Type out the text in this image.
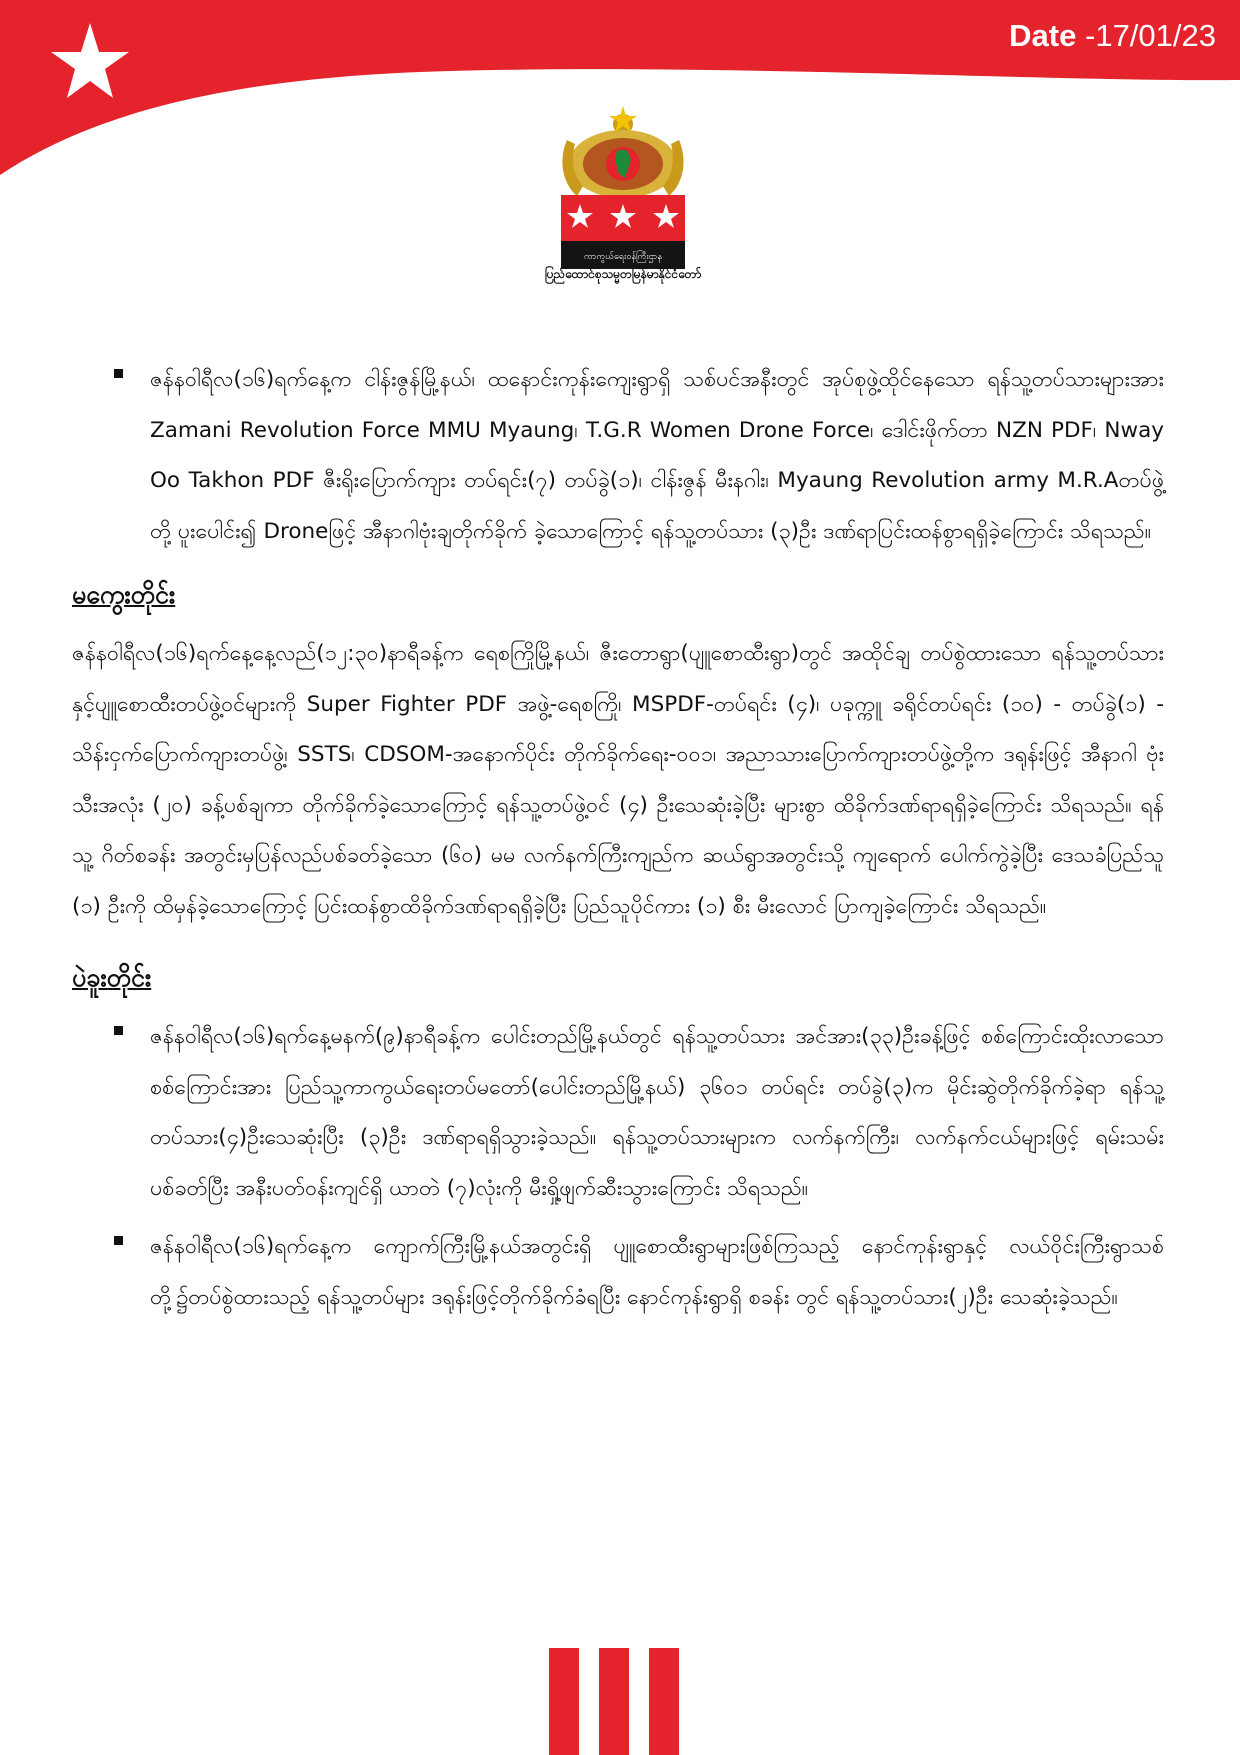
Date -17/01/23
ကာကွယ်ရေးဝန်ကြီးဌာန
ပြည်ထောင်စုသမ္မတမြန်မာနိုင်ငံတော်

ဇန်နဝါရီလ(၁၆)ရက်နေ့က ငါန်းဇွန်မြို့နယ်၊ ထနောင်းကုန်းကျေးရွာရှိ သစ်ပင်အနီးတွင် အုပ်စုဖွဲ့ထိုင်နေသော ရန်သူ့တပ်သားများအား Zamani Revolution Force MMU Myaung၊ T.G.R Women Drone Force၊ ဒေါင်းဖိုက်တာ NZN PDF၊ Nway Oo Takhon PDF ဇီးရိုးပြောက်ကျား တပ်ရင်း(၇) တပ်ခွဲ(၁)၊ ငါန်းဇွန် မီးနဂါး၊ Myaung Revolution army M.R.Aတပ်ဖွဲ့တို့ ပူးပေါင်း၍ Droneဖြင့် အီနာဂါဗုံးချတိုက်ခိုက် ခဲ့သောကြောင့် ရန်သူ့တပ်သား (၃)ဦး ဒဏ်ရာပြင်းထန်စွာရရှိခဲ့ကြောင်း သိရသည်။

မကွေးတိုင်း

ဇန်နဝါရီလ(၁၆)ရက်နေ့နေ့လည်(၁၂:၃၀)နာရီခန့်က ရေစကြိုမြို့နယ်၊ ဇီးတောရွာ(ပျူစောထီးရွာ)တွင် အထိုင်ချ တပ်စွဲထားသော ရန်သူ့တပ်သားနှင့်ပျူစောထီးတပ်ဖွဲ့ဝင်များကို Super Fighter PDF အဖွဲ့-ရေစကြို၊ MSPDF-တပ်ရင်း (၄)၊ ပခုက္ကူ ခရိုင်တပ်ရင်း (၁၀) - တပ်ခွဲ(၁) - သိန်းငှက်ပြောက်ကျားတပ်ဖွဲ့၊ SSTS၊ CDSOM-အနောက်ပိုင်း တိုက်ခိုက်ရေး-၀၀၁၊ အညာသားပြောက်ကျားတပ်ဖွဲ့တို့က ဒရုန်းဖြင့် အီနာဂါ ဗုံးသီးအလုံး (၂၀) ခန့်ပစ်ချကာ တိုက်ခိုက်ခဲ့သောကြောင့် ရန်သူ့တပ်ဖွဲ့ဝင် (၄) ဦးသေဆုံးခဲ့ပြီး များစွာ ထိခိုက်ဒဏ်ရာရရှိခဲ့ကြောင်း သိရသည်။ ရန်သူ့ ဂိတ်စခန်း အတွင်းမှပြန်လည်ပစ်ခတ်ခဲ့သော (၆၀) မမ လက်နက်ကြီးကျည်က ဆယ်ရွာအတွင်းသို့ ကျရောက် ပေါက်ကွဲခဲ့ပြီး ဒေသခံပြည်သူ (၁) ဦးကို ထိမှန်ခဲ့သောကြောင့် ပြင်းထန်စွာထိခိုက်ဒဏ်ရာရရှိခဲ့ပြီး ပြည်သူပိုင်ကား (၁) စီး မီးလောင် ပြာကျခဲ့ကြောင်း သိရသည်။

ပဲခူးတိုင်း

ဇန်နဝါရီလ(၁၆)ရက်နေ့မနက်(၉)နာရီခန့်က ပေါင်းတည်မြို့နယ်တွင် ရန်သူ့တပ်သား အင်အား(၃၃)ဦးခန့်ဖြင့် စစ်ကြောင်းထိုးလာသော စစ်ကြောင်းအား ပြည်သူ့ကာကွယ်ရေးတပ်မတော်(ပေါင်းတည်မြို့နယ်) ၃၆၀၁ တပ်ရင်း တပ်ခွဲ(၃)က မိုင်းဆွဲတိုက်ခိုက်ခဲ့ရာ ရန်သူ့တပ်သား(၄)ဦးသေဆုံးပြီး (၃)ဦး ဒဏ်ရာရရှိသွားခဲ့သည်။ ရန်သူ့တပ်သားများက လက်နက်ကြီး၊ လက်နက်ငယ်များဖြင့် ရမ်းသမ်းပစ်ခတ်ပြီး အနီးပတ်ဝန်းကျင်ရှိ ယာတဲ (၇)လုံးကို မီးရှို့ဖျက်ဆီးသွားကြောင်း သိရသည်။

ဇန်နဝါရီလ(၁၆)ရက်နေ့က ကျောက်ကြီးမြို့နယ်အတွင်းရှိ ပျူစောထီးရွာများဖြစ်ကြသည့် နောင်ကုန်းရွာနှင့် လယ်ဝိုင်းကြီးရွာသစ်တို့၌တပ်စွဲထားသည့် ရန်သူ့တပ်များ ဒရုန်းဖြင့်တိုက်ခိုက်ခံရပြီး နောင်ကုန်းရွာရှိ စခန်း တွင် ရန်သူ့တပ်သား(၂)ဦး သေဆုံးခဲ့သည်။
